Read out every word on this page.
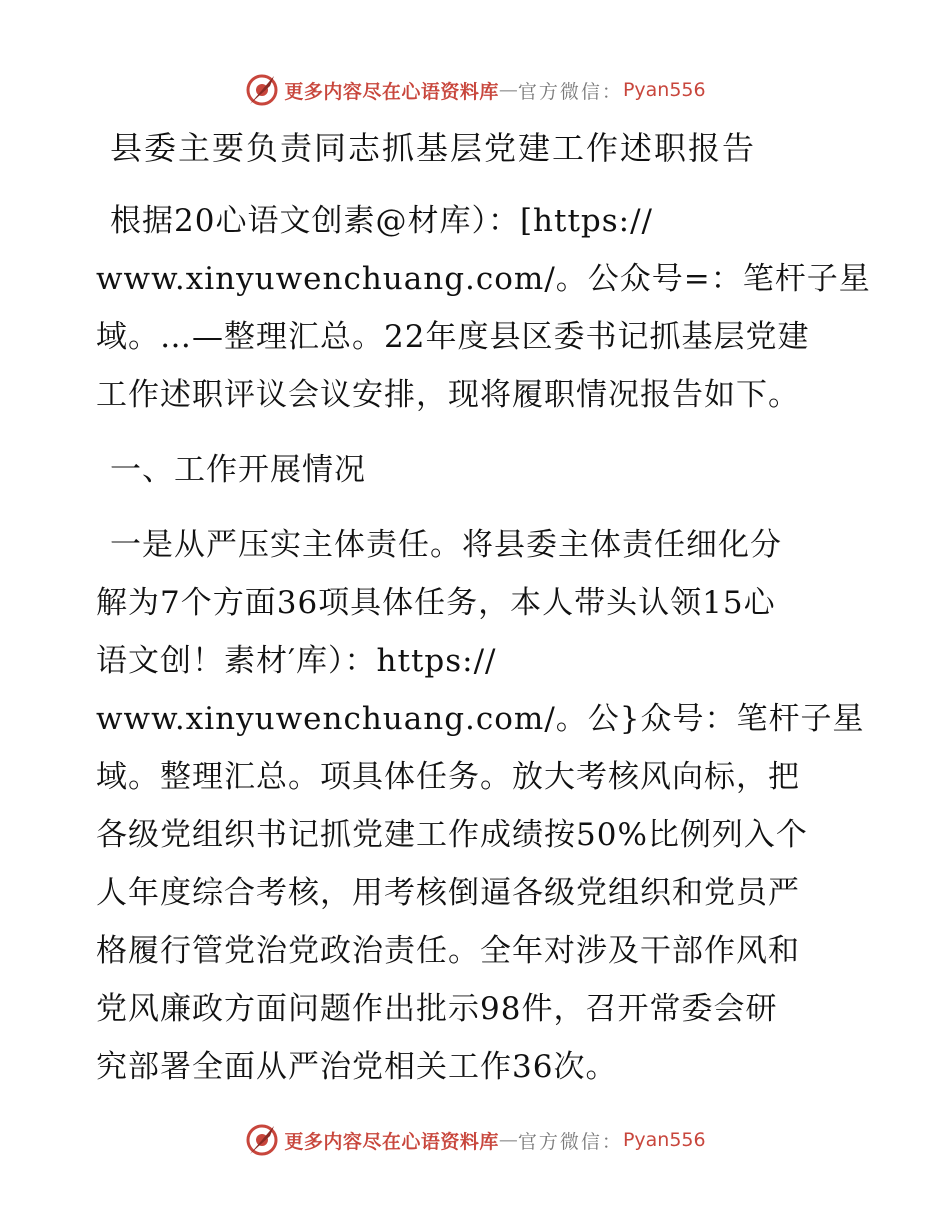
更多内容尽在心语资料库 — 官方微信： Pyan556
县委主要负责同志抓基层党建工作述职报告
根据20心语文创素@材库）：[https://
www.xinyuwenchuang.com/。公众号=：笔杆子星
域。…—整理汇总。22年度县区委书记抓基层党建
工作述职评议会议安排，现将履职情况报告如下。
一、工作开展情况
一是从严压实主体责任。将县委主体责任细化分
解为7个方面36项具体任务，本人带头认领15心
语文创！素材′库）：https://
www.xinyuwenchuang.com/。公}众号：笔杆子星
域。整理汇总。项具体任务。放大考核风向标，把
各级党组织书记抓党建工作成绩按50%比例列入个
人年度综合考核，用考核倒逼各级党组织和党员严
格履行管党治党政治责任。全年对涉及干部作风和
党风廉政方面问题作出批示98件，召开常委会研
究部署全面从严治党相关工作36次。
更多内容尽在心语资料库 — 官方微信： Pyan556
